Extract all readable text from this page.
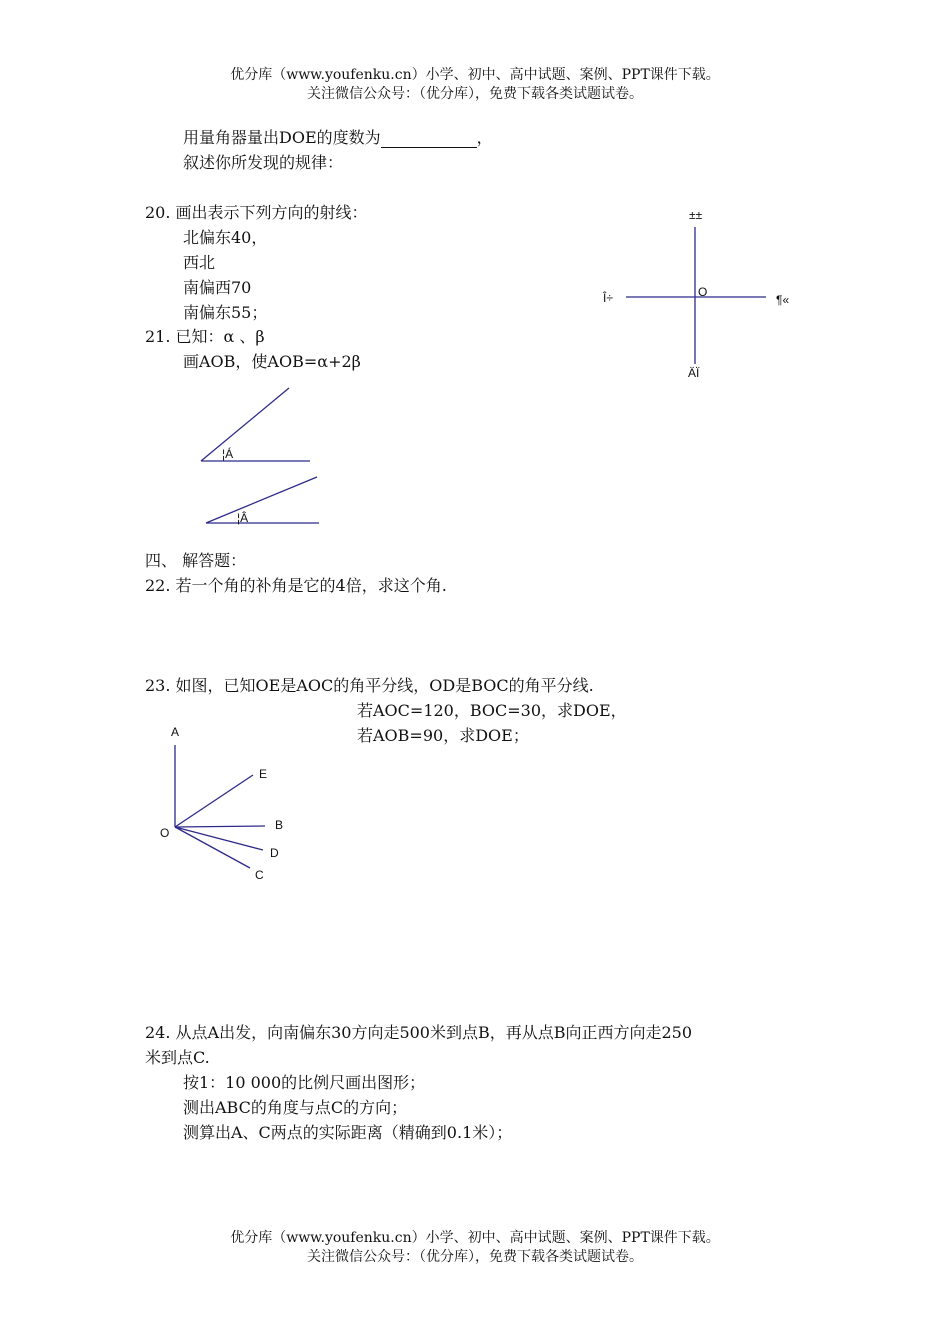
优分库（www.youfenku.cn）小学、初中、高中试题、案例、PPT课件下载。
关注微信公众号：（优分库），免费下载各类试题试卷。
用量角器量出DOE的度数为	，
叙述你所发现的规律：
20. 画出表示下列方向的射线：
北偏东40，
西北
南偏西70
南偏东55；
±±
Î÷	¶«
ÄÏ
O
21. 已知：α 、β
画AOB，使AOB=α+2β
¦Á
¦Â
四、 解答题：
22. 若一个角的补角是它的4倍，求这个角.
23. 如图，已知OE是AOC的角平分线，OD是BOC的角平分线.
若AOC=120，BOC=30，求DOE，
若AOB=90，求DOE；
A
E
O
B
D
C
24. 从点A出发，向南偏东30方向走500米到点B，再从点B向正西方向走250
米到点C.
按1：10 000的比例尺画出图形；
测出ABC的角度与点C的方向；
测算出A、C两点的实际距离（精确到0.1米）；
优分库（www.youfenku.cn）小学、初中、高中试题、案例、PPT课件下载。
关注微信公众号：（优分库），免费下载各类试题试卷。
